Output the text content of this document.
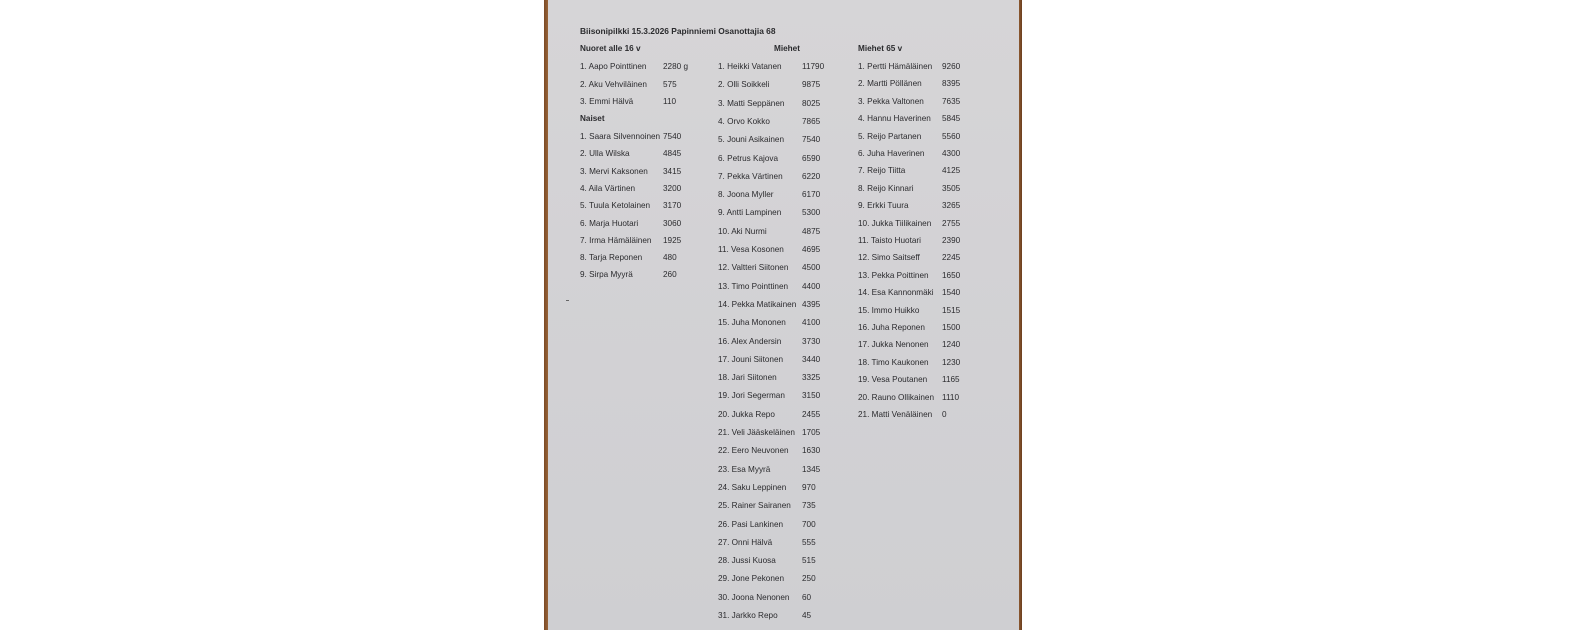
Biisonipilkki 15.3.2026 Papinniemi Osanottajia 68
Nuoret alle 16 v
Naiset
Miehet	Miehet 65 v
1. Aapo Pointtinen 2280 g
2. Aku Vehviläinen 575
3. Emmi Hälvä	110
1. Saara Silvennoinen 7540
2. Ulla Wilska	4845
3. Mervi Kaksonen 3415
4. Aila Värtinen	3200
5. Tuula Ketolainen 3170
6. Marja Huotari	3060
7. Irma Hämäläinen 1925
8. Tarja Reponen	480
9. Sirpa Myyrä	260
1. Heikki Vatanen 11790
2. Olli Soikkeli	9875
3. Matti Seppänen 8025
4. Orvo Kokko	7865
5. Jouni Asikainen 7540
6. Petrus Kajova	6590
7. Pekka Värtinen 6220
8. Joona Myller	6170
9. Antti Lampinen	5300
10. Aki Nurmi	4875
11. Vesa Kosonen 4695
12. Valtteri Siitonen 4500
13. Timo Pointtinen 4400
14. Pekka Matikainen 4395
15. Juha Mononen 4100
16. Alex Andersin	3730
17. Jouni Siitonen 3440
18. Jari Siitonen	3325
19. Jori Segerman 3150
20. Jukka Repo	2455
21. Veli Jääskeläinen 1705
22. Eero Neuvonen 1630
23. Esa Myyrä	1345
24. Saku Leppinen 970
25. Rainer Sairanen 735
26. Pasi Lankinen 700
27. Onni Hälvä	555
28. Jussi Kuosa	515
29. Jone Pekonen 250
30. Joona Nenonen 60
31. Jarkko Repo	45
1. Pertti Hämäläinen 9260
2. Martti Pöllänen 8395
3. Pekka Valtonen 7635
4. Hannu Haverinen 5845
5. Reijo Partanen	5560
6. Juha Haverinen 4300
7. Reijo Tiitta	4125
8. Reijo Kinnari	3505
9. Erkki Tuura	3265
10. Jukka Tiilikainen 2755
11. Taisto Huotari	2390
12. Simo Saitseff	2245
13. Pekka Poittinen 1650
14. Esa Kannonmäki 1540
15. Immo Huikko	1515
16. Juha Reponen 1500
17. Jukka Nenonen 1240
18. Timo Kaukonen 1230
19. Vesa Poutanen 1165
20. Rauno Ollikainen 1110
21. Matti Venäläinen 0
